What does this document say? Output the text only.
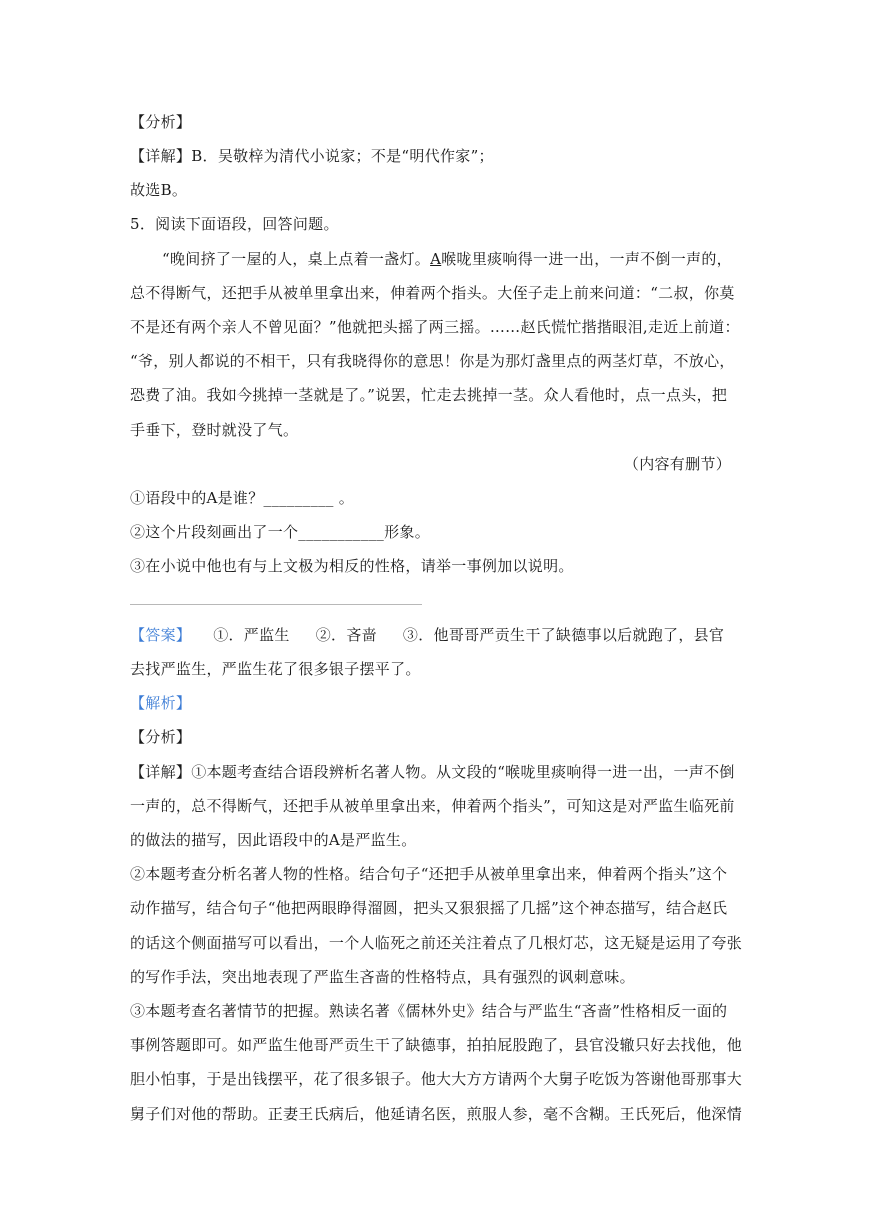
【分析】
【详解】B．吴敬梓为清代小说家；不是“明代作家”；
故选B。
5．阅读下面语段，回答问题。
“晚间挤了一屋的人，桌上点着一盏灯。A喉咙里痰响得一进一出，一声不倒一声的，
总不得断气，还把手从被单里拿出来，伸着两个指头。大侄子走上前来问道：“二叔，你莫
不是还有两个亲人不曾见面？”他就把头摇了两三摇。……赵氏慌忙揩揩眼泪,走近上前道：
“爷，别人都说的不相干，只有我晓得你的意思！你是为那灯盏里点的两茎灯草，不放心，
恐费了油。我如今挑掉一茎就是了。”说罢，忙走去挑掉一茎。众人看他时，点一点头，把
手垂下，登时就没了气。
（内容有删节）
①语段中的A是谁？_________ 。
②这个片段刻画出了一个___________形象。
③在小说中他也有与上文极为相反的性格，请举一事例加以说明。
【答案】 ①．严监生 ②．吝啬 ③．他哥哥严贡生干了缺德事以后就跑了，县官
去找严监生，严监生花了很多银子摆平了。
【解析】
【分析】
【详解】①本题考查结合语段辨析名著人物。从文段的“喉咙里痰响得一进一出，一声不倒
一声的，总不得断气，还把手从被单里拿出来，伸着两个指头”，可知这是对严监生临死前
的做法的描写，因此语段中的A是严监生。
②本题考查分析名著人物的性格。结合句子“还把手从被单里拿出来，伸着两个指头”这个
动作描写，结合句子“他把两眼睁得溜圆，把头又狠狠摇了几摇”这个神态描写，结合赵氏
的话这个侧面描写可以看出，一个人临死之前还关注着点了几根灯芯，这无疑是运用了夸张
的写作手法，突出地表现了严监生吝啬的性格特点，具有强烈的讽刺意味。
③本题考查名著情节的把握。熟读名著《儒林外史》结合与严监生“吝啬”性格相反一面的
事例答题即可。如严监生他哥严贡生干了缺德事，拍拍屁股跑了，县官没辙只好去找他，他
胆小怕事，于是出钱摆平，花了很多银子。他大大方方请两个大舅子吃饭为答谢他哥那事大
舅子们对他的帮助。正妻王氏病后，他延请名医，煎服人参，毫不含糊。王氏死后，他深情
